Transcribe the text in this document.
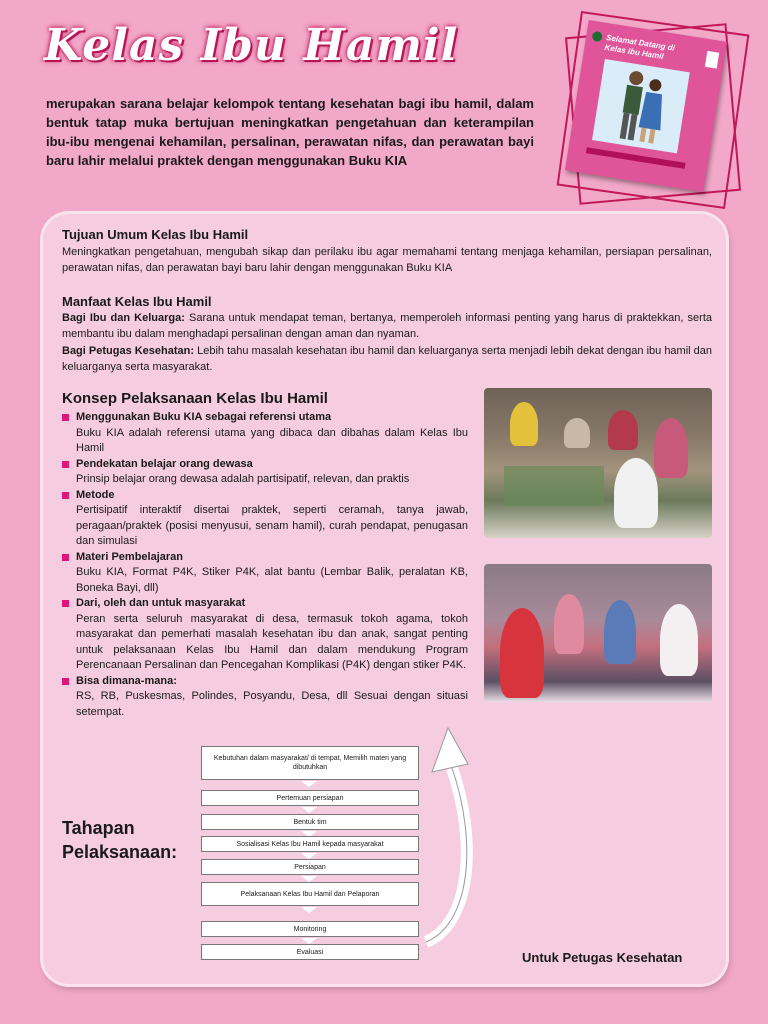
Kelas Ibu Hamil
merupakan sarana belajar kelompok tentang kesehatan bagi ibu hamil, dalam bentuk tatap muka bertujuan meningkatkan pengetahuan dan keterampilan ibu-ibu mengenai kehamilan, persalinan, perawatan nifas, dan perawatan bayi baru lahir melalui praktek dengan menggunakan Buku KIA
Selamat Datang di Kelas Ibu Hamil
Tujuan Umum Kelas Ibu Hamil
Meningkatkan pengetahuan, mengubah sikap dan perilaku ibu agar memahami tentang menjaga kehamilan, persiapan persalinan, perawatan nifas, dan perawatan bayi baru lahir dengan menggunakan Buku KIA
Manfaat Kelas Ibu Hamil
Bagi Ibu dan Keluarga: Sarana untuk mendapat teman, bertanya, memperoleh informasi penting yang harus di praktekkan, serta membantu ibu dalam menghadapi persalinan dengan aman dan nyaman.
Bagi Petugas Kesehatan: Lebih tahu masalah kesehatan ibu hamil dan keluarganya serta menjadi lebih dekat dengan ibu hamil dan keluarganya serta masyarakat.
Konsep Pelaksanaan Kelas Ibu Hamil
Menggunakan Buku KIA sebagai referensi utama
Buku KIA adalah referensi utama yang dibaca dan dibahas dalam Kelas Ibu Hamil
Pendekatan belajar orang dewasa
Prinsip belajar orang dewasa adalah partisipatif, relevan, dan praktis
Metode
Pertisipatif interaktif disertai praktek, seperti ceramah, tanya jawab, peragaan/praktek (posisi menyusui, senam hamil), curah pendapat, penugasan dan simulasi
Materi Pembelajaran
Buku KIA, Format P4K, Stiker P4K, alat bantu (Lembar Balik, peralatan KB, Boneka Bayi, dll)
Dari, oleh dan untuk masyarakat
Peran serta seluruh masyarakat di desa, termasuk tokoh agama, tokoh masyarakat dan pemerhati masalah kesehatan ibu dan anak, sangat penting untuk pelaksanaan Kelas Ibu Hamil dan dalam mendukung Program Perencanaan Persalinan dan Pencegahan Komplikasi (P4K) dengan stiker P4K.
Bisa dimana-mana:
RS, RB, Puskesmas, Polindes, Posyandu, Desa, dll Sesuai dengan situasi setempat.
Tahapan
Pelaksanaan:
Kebutuhan dalam masyarakat/ di tempat, Memilih materi yang dibutuhkan
Pertemuan persiapan
Bentuk tim
Sosialisasi Kelas Ibu Hamil kepada masyarakat
Persiapan
Pelaksanaan Kelas Ibu Hamil dan Pelaporan
Monitoring
Evaluasi	Untuk Petugas Kesehatan
